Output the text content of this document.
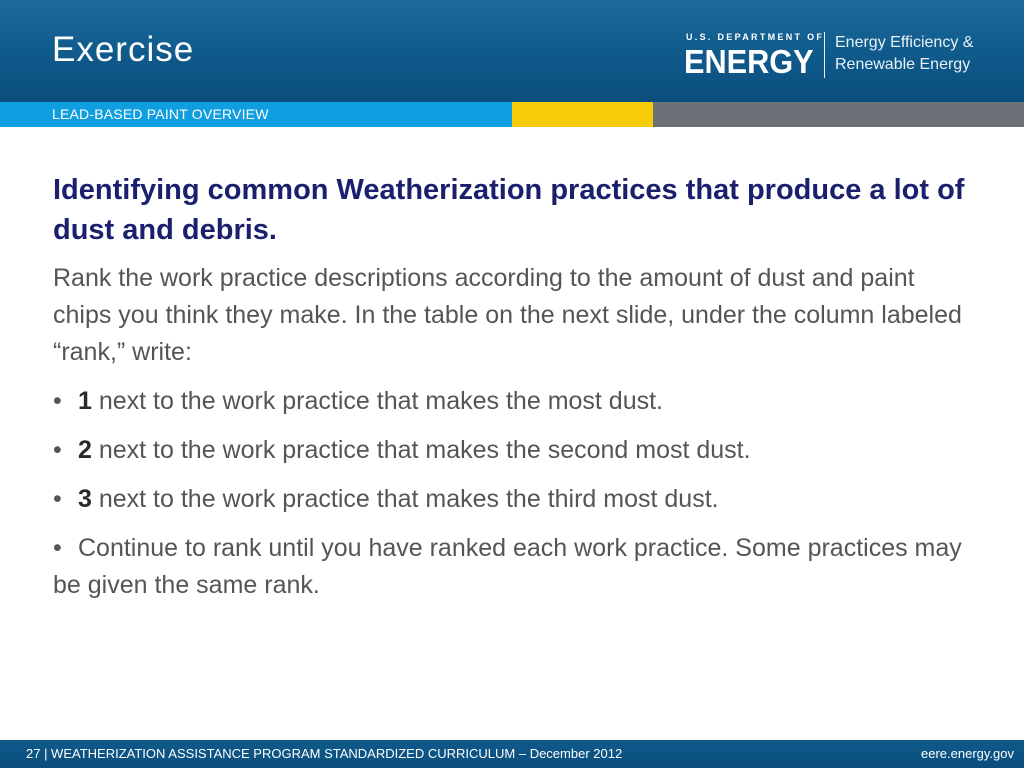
Exercise	U.S. DEPARTMENT OF
ENERGY
Energy Efficiency &
Renewable Energy
LEAD-BASED PAINT OVERVIEW

Identifying common Weatherization practices that produce a lot of dust and debris.

Rank the work practice descriptions according to the amount of dust and paint chips you think they make. In the table on the next slide, under the column labeled “rank,” write:

• 1 next to the work practice that makes the most dust.

• 2 next to the work practice that makes the second most dust.

• 3 next to the work practice that makes the third most dust.

• Continue to rank until you have ranked each work practice. Some practices may be given the same rank.

27 | WEATHERIZATION ASSISTANCE PROGRAM STANDARDIZED CURRICULUM – December 2012	eere.energy.gov
